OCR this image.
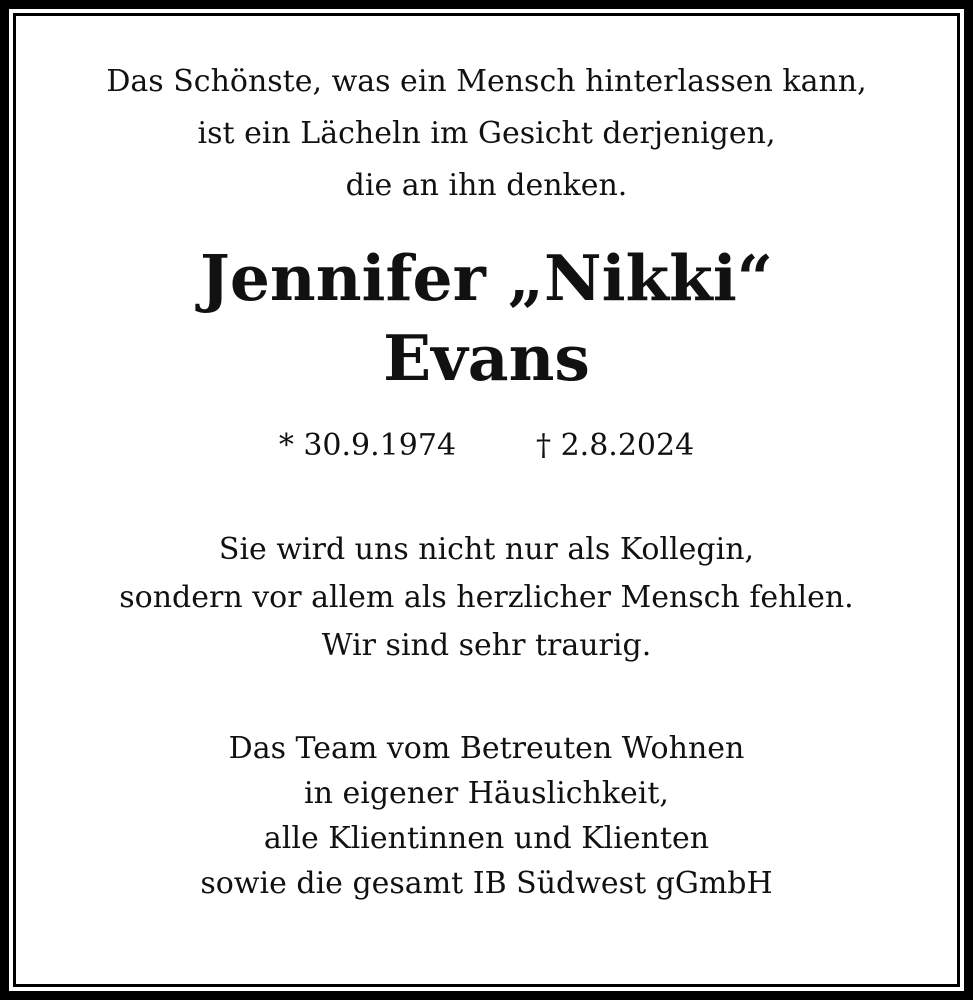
Das Schönste, was ein Mensch hinterlassen kann,
ist ein Lächeln im Gesicht derjenigen,
die an ihn denken.
Jennifer „Nikki“
Evans
* 30.9.1974	† 2.8.2024
Sie wird uns nicht nur als Kollegin,
sondern vor allem als herzlicher Mensch fehlen.
Wir sind sehr traurig.
Das Team vom Betreuten Wohnen
in eigener Häuslichkeit,
alle Klientinnen und Klienten
sowie die gesamt IB Südwest gGmbH
